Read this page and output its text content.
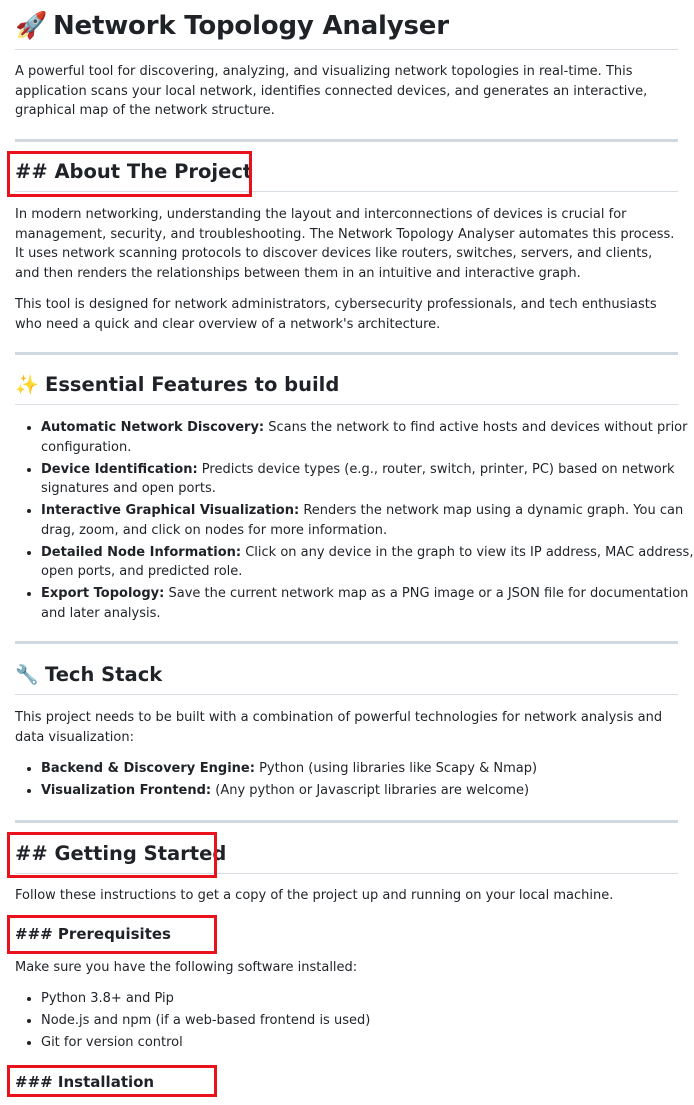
🚀 Network Topology Analyser

A powerful tool for discovering, analyzing, and visualizing network topologies in real-time. This application scans your local network, identifies connected devices, and generates an interactive, graphical map of the network structure.

## About The Project

In modern networking, understanding the layout and interconnections of devices is crucial for management, security, and troubleshooting. The Network Topology Analyser automates this process. It uses network scanning protocols to discover devices like routers, switches, servers, and clients, and then renders the relationships between them in an intuitive and interactive graph.

This tool is designed for network administrators, cybersecurity professionals, and tech enthusiasts who need a quick and clear overview of a network's architecture.

✨ Essential Features to build
• Automatic Network Discovery: Scans the network to find active hosts and devices without prior configuration.
• Device Identification: Predicts device types (e.g., router, switch, printer, PC) based on network signatures and open ports.
• Interactive Graphical Visualization: Renders the network map using a dynamic graph. You can drag, zoom, and click on nodes for more information.
• Detailed Node Information: Click on any device in the graph to view its IP address, MAC address, open ports, and predicted role.
• Export Topology: Save the current network map as a PNG image or a JSON file for documentation and later analysis.
🔧 Tech Stack

This project needs to be built with a combination of powerful technologies for network analysis and data visualization:

• Backend & Discovery Engine: Python (using libraries like Scapy & Nmap)
• Visualization Frontend: (Any python or Javascript libraries are welcome)
## Getting Started

Follow these instructions to get a copy of the project up and running on your local machine.

### Prerequisites

Make sure you have the following software installed:

• Python 3.8+ and Pip
• Node.js and npm (if a web-based frontend is used)
• Git for version control
### Installation
